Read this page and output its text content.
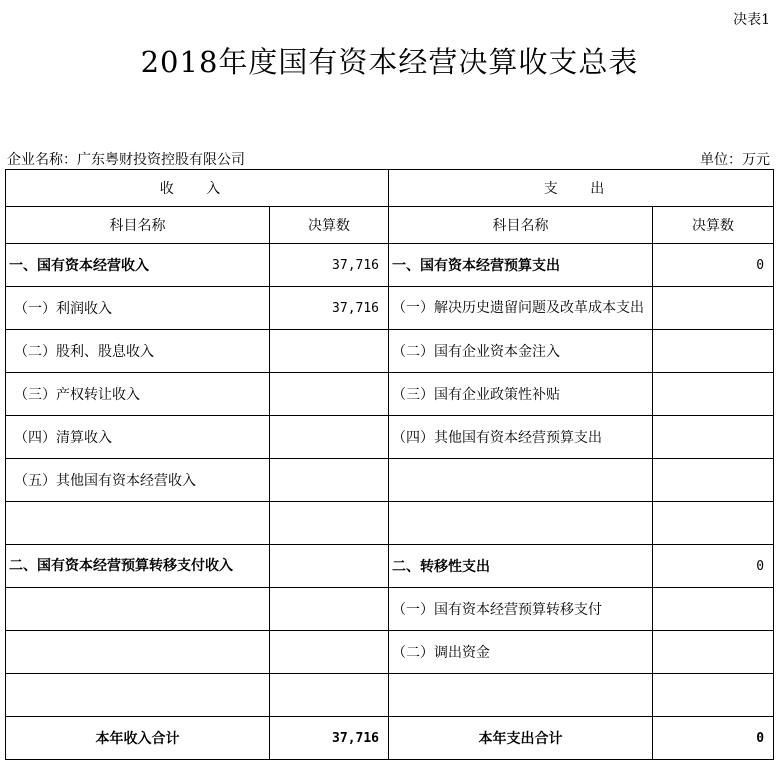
决表1
2018年度国有资本经营决算收支总表
企业名称：广东粤财投资控股有限公司	单位：万元
收 入		支 出	
科目名称	决算数	科目名称	决算数
一、国有资本经营收入	37,716	一、国有资本经营预算支出	0
（一）利润收入	37,716	（一）解决历史遗留问题及改革成本支出	
（二）股利、股息收入		（二）国有企业资本金注入	
（三）产权转让收入		（三）国有企业政策性补贴	
（四）清算收入		（四）其他国有资本经营预算支出	
（五）其他国有资本经营收入			

二、国有资本经营预算转移支付收入		二、转移性支出	0
		（一）国有资本经营预算转移支付	
		（二）调出资金	

本年收入合计	37,716	本年支出合计	0
